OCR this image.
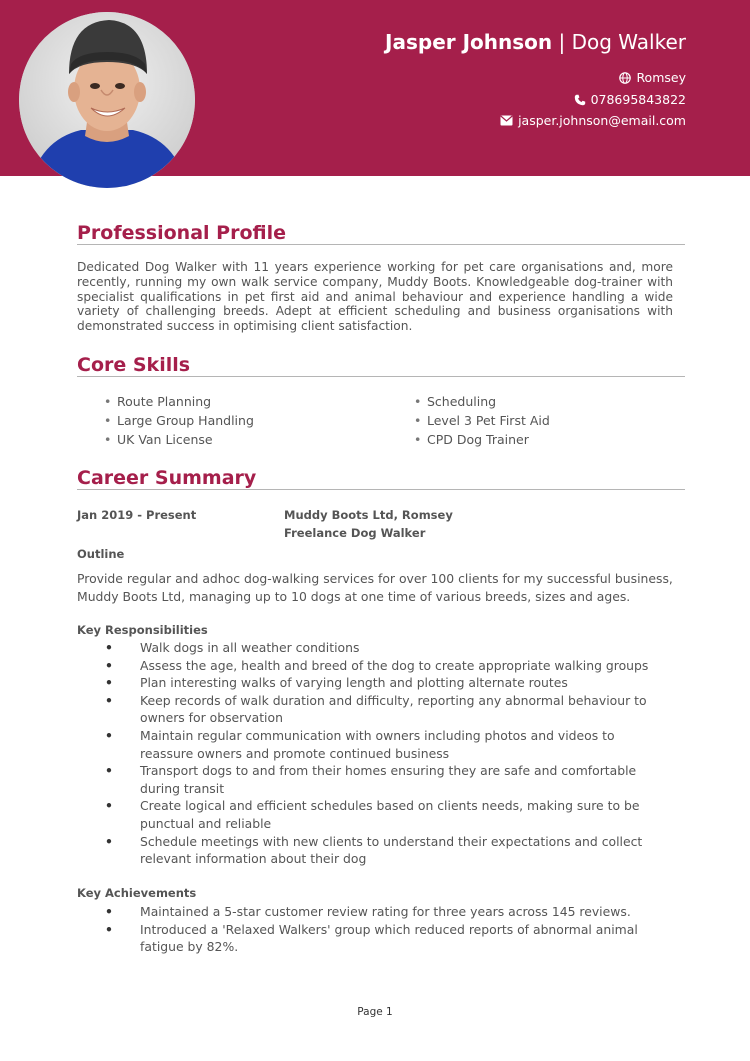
Jasper Johnson | Dog Walker
Romsey
07869584382​2
jasper.johnson@email.com
Professional Profile
Dedicated Dog Walker with 11 years experience working for pet care organisations and, more recently, running my own walk service company, Muddy Boots. Knowledgeable dog-trainer with specialist qualifications in pet first aid and animal behaviour and experience handling a wide variety of challenging breeds. Adept at efficient scheduling and business organisations with demonstrated success in optimising client satisfaction.
Core Skills
• Route Planning
• Large Group Handling
• UK Van License
• Scheduling
• Level 3 Pet First Aid
• CPD Dog Trainer
Career Summary
Jan 2019 - Present	Muddy Boots Ltd, Romsey
Freelance Dog Walker
Outline
Provide regular and adhoc dog-walking services for over 100 clients for my successful business, Muddy Boots Ltd, managing up to 10 dogs at one time of various breeds, sizes and ages.
Key Responsibilities
• Walk dogs in all weather conditions
• Assess the age, health and breed of the dog to create appropriate walking groups
• Plan interesting walks of varying length and plotting alternate routes
• Keep records of walk duration and difficulty, reporting any abnormal behaviour to owners for observation
• Maintain regular communication with owners including photos and videos to reassure owners and promote continued business
• Transport dogs to and from their homes ensuring they are safe and comfortable during transit
• Create logical and efficient schedules based on clients needs, making sure to be punctual and reliable
• Schedule meetings with new clients to understand their expectations and collect relevant information about their dog
Key Achievements
• Maintained a 5-star customer review rating for three years across 145 reviews.
• Introduced a 'Relaxed Walkers' group which reduced reports of abnormal animal fatigue by 82%.
Page 1
